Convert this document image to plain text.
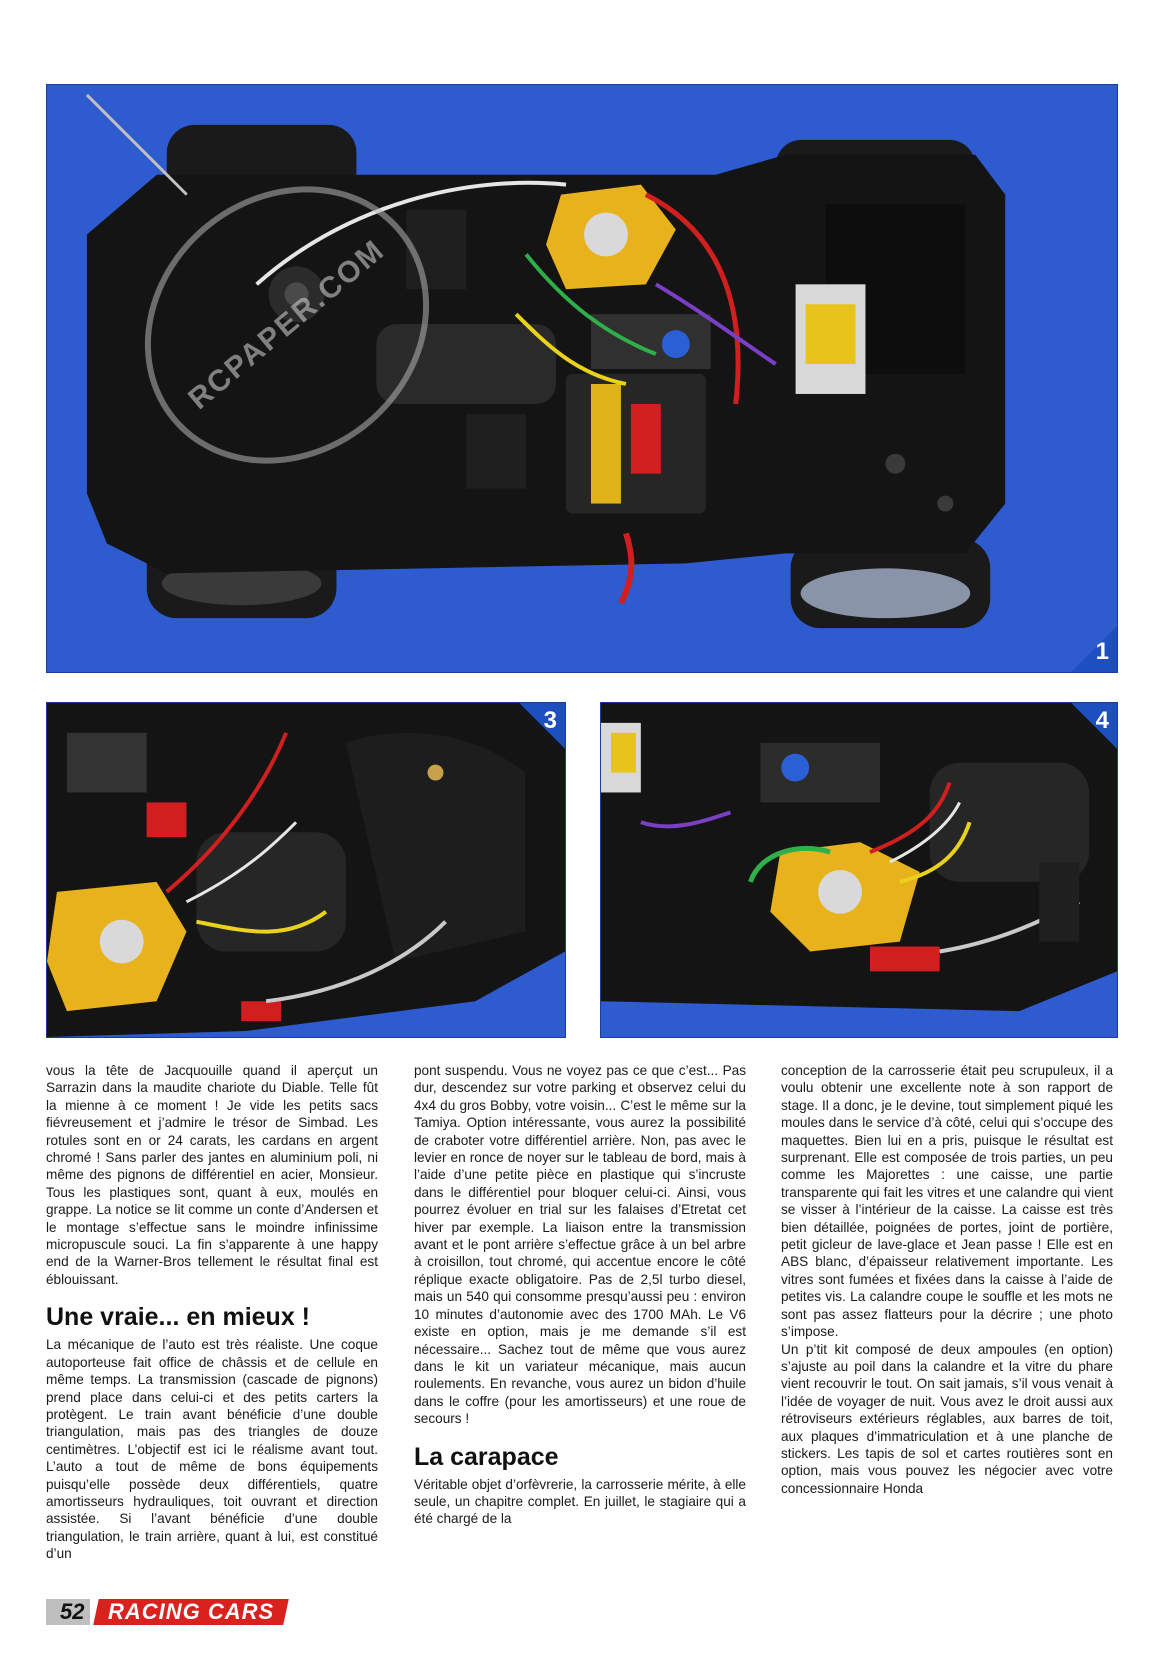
1
RCPAPER.COM
3	4

vous la tête de Jacquouille quand il aperçut un Sarrazin dans la maudite chariote du Diable. Telle fût la mienne à ce moment ! Je vide les petits sacs fiévreusement et j’admire le trésor de Simbad. Les rotules sont en or 24 carats, les cardans en argent chromé ! Sans parler des jantes en aluminium poli, ni même des pignons de différentiel en acier, Monsieur. Tous les plastiques sont, quant à eux, moulés en grappe. La notice se lit comme un conte d’Andersen et le montage s’effectue sans le moindre infinissime micropuscule souci. La fin s’apparente à une happy end de la Warner-Bros tellement le résultat final est éblouissant.

Une vraie... en mieux !

La mécanique de l’auto est très réaliste. Une coque autoporteuse fait office de châssis et de cellule en même temps. La transmission (cascade de pignons) prend place dans celui-ci et des petits carters la protègent. Le train avant bénéficie d’une double triangulation, mais pas des triangles de douze centimètres. L’objectif est ici le réalisme avant tout. L’auto a tout de même de bons équipements puisqu’elle possède deux différentiels, quatre amortisseurs hydrauliques, toit ouvrant et direction assistée. Si l’avant bénéficie d’une double triangulation, le train arrière, quant à lui, est constitué d’un

pont suspendu. Vous ne voyez pas ce que c’est... Pas dur, descendez sur votre parking et observez celui du 4x4 du gros Bobby, votre voisin... C’est le même sur la Tamiya. Option intéressante, vous aurez la possibilité de craboter votre différentiel arrière. Non, pas avec le levier en ronce de noyer sur le tableau de bord, mais à l’aide d’une petite pièce en plastique qui s’incruste dans le différentiel pour bloquer celui-ci. Ainsi, vous pourrez évoluer en trial sur les falaises d’Etretat cet hiver par exemple. La liaison entre la transmission avant et le pont arrière s’effectue grâce à un bel arbre à croisillon, tout chromé, qui accentue encore le côté réplique exacte obligatoire. Pas de 2,5l turbo diesel, mais un 540 qui consomme presqu’aussi peu : environ 10 minutes d’autonomie avec des 1700 MAh. Le V6 existe en option, mais je me demande s’il est nécessaire... Sachez tout de même que vous aurez dans le kit un variateur mécanique, mais aucun roulements. En revanche, vous aurez un bidon d’huile dans le coffre (pour les amortisseurs) et une roue de secours !

La carapace

Véritable objet d’orfèvrerie, la carrosserie mérite, à elle seule, un chapitre complet. En juillet, le stagiaire qui a été chargé de la

conception de la carrosserie était peu scrupuleux, il a voulu obtenir une excellente note à son rapport de stage. Il a donc, je le devine, tout simplement piqué les moules dans le service d’à côté, celui qui s’occupe des maquettes. Bien lui en a pris, puisque le résultat est surprenant. Elle est composée de trois parties, un peu comme les Majorettes : une caisse, une partie transparente qui fait les vitres et une calandre qui vient se visser à l’intérieur de la caisse. La caisse est très bien détaillée, poignées de portes, joint de portière, petit gicleur de lave-glace et Jean passe ! Elle est en ABS blanc, d’épaisseur relativement importante. Les vitres sont fumées et fixées dans la caisse à l’aide de petites vis. La calandre coupe le souffle et les mots ne sont pas assez flatteurs pour la décrire ; une photo s’impose.

Un p’tit kit composé de deux ampoules (en option) s’ajuste au poil dans la calandre et la vitre du phare vient recouvrir le tout. On sait jamais, s’il vous venait à l’idée de voyager de nuit. Vous avez le droit aussi aux rétroviseurs extérieurs réglables, aux barres de toit, aux plaques d’immatriculation et à une planche de stickers. Les tapis de sol et cartes routières sont en option, mais vous pouvez les négocier avec votre concessionnaire Honda

52	RACING CARS
